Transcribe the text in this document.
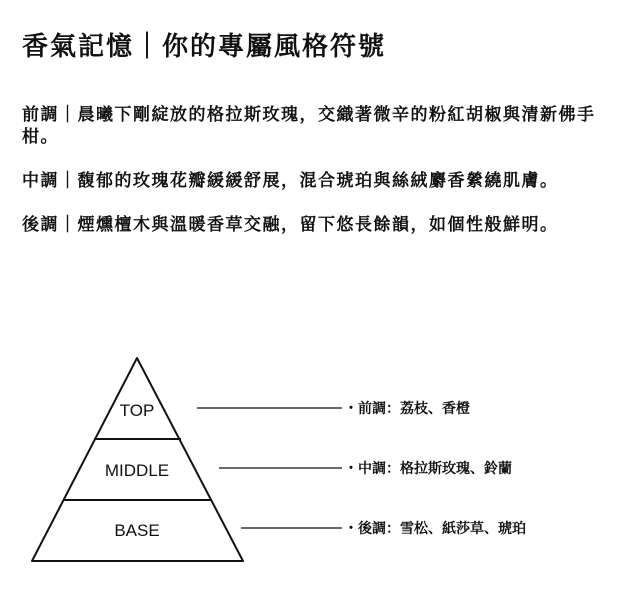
香氣記憶｜你的專屬風格符號

前調｜晨曦下剛綻放的格拉斯玫瑰，交織著微辛的粉紅胡椒與清新佛手柑。

中調｜馥郁的玫瑰花瓣緩緩舒展，混合琥珀與絲絨麝香縈繞肌膚。

後調｜煙燻檀木與溫暖香草交融，留下悠長餘韻，如個性般鮮明。

TOP
MIDDLE
BASE
・前調：荔枝、香橙
・中調：格拉斯玫瑰、鈴蘭
・後調：雪松、紙莎草、琥珀
